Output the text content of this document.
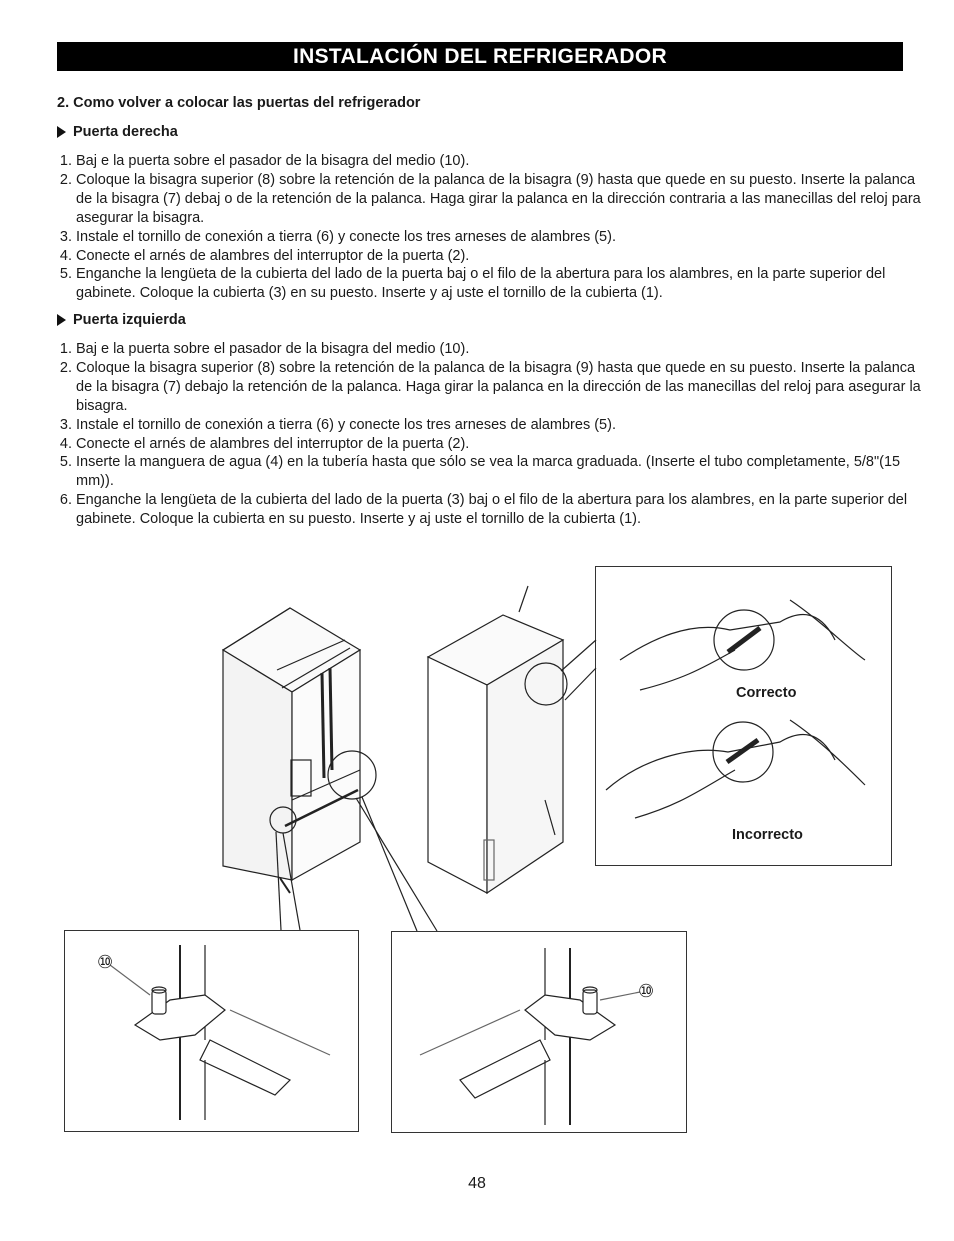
INSTALACIÓN DEL REFRIGERADOR
2. Como volver a colocar las puertas del refrigerador
Puerta derecha
1. Baj e la puerta sobre el pasador de la bisagra del medio (10).
2. Coloque la bisagra superior (8) sobre la retención de la palanca de la bisagra (9) hasta que quede en su puesto. Inserte la palanca de la bisagra (7) debaj o de la retención de la palanca. Haga girar la palanca en la dirección contraria a las manecillas del reloj para asegurar la bisagra.
3. Instale el tornillo de conexión a tierra (6) y conecte los tres arneses de alambres (5).
4. Conecte el arnés de alambres del interruptor de la puerta (2).
5. Enganche la lengüeta de la cubierta del lado de la puerta baj o el filo de la abertura para los alambres, en la parte superior del gabinete. Coloque la cubierta (3) en su puesto. Inserte y aj uste el tornillo de la cubierta (1).
Puerta izquierda
1. Baj e la puerta sobre el pasador de la bisagra del medio (10).
2. Coloque la bisagra superior (8) sobre la retención de la palanca de la bisagra (9) hasta que quede en su puesto. Inserte la palanca de la bisagra (7) debajo la retención de la palanca. Haga girar la palanca en la dirección de las manecillas del reloj para asegurar la bisagra.
3. Instale el tornillo de conexión a tierra (6) y conecte los tres arneses de alambres (5).
4. Conecte el arnés de alambres del interruptor de la puerta (2).
5. Inserte la manguera de agua (4) en la tubería hasta que sólo se vea la marca graduada. (Inserte el tubo completamente, 5/8"(15 mm)).
6. Enganche la lengüeta de la cubierta del lado de la puerta (3) baj o el filo de la abertura para los alambres, en la parte superior del gabinete. Coloque la cubierta en su puesto. Inserte y aj uste el tornillo de la cubierta (1).
Correcto
Incorrecto
⑩
⑩
48
